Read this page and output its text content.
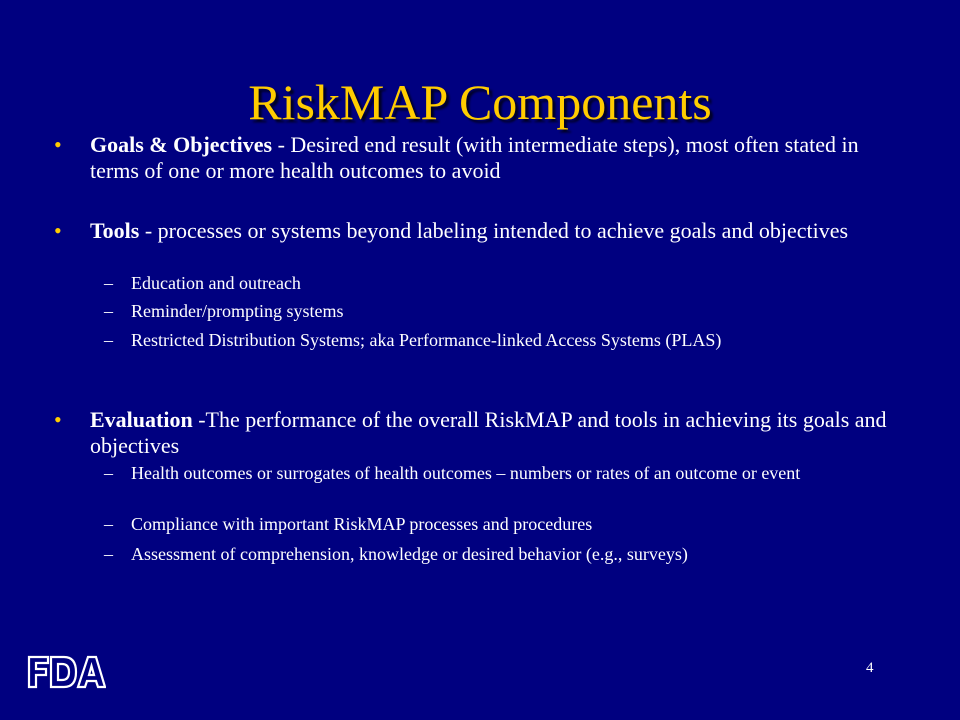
RiskMAP Components
• Goals & Objectives - Desired end result (with intermediate steps), most often stated in terms of one or more health outcomes to avoid
• Tools - processes or systems beyond labeling intended to achieve goals and objectives
– Education and outreach
– Reminder/prompting systems
– Restricted Distribution Systems; aka Performance-linked Access Systems (PLAS)
• Evaluation -The performance of the overall RiskMAP and tools in achieving its goals and objectives
– Health outcomes or surrogates of health outcomes – numbers or rates of an outcome or event
– Compliance with important RiskMAP processes and procedures
– Assessment of comprehension, knowledge or desired behavior (e.g., surveys)
4
